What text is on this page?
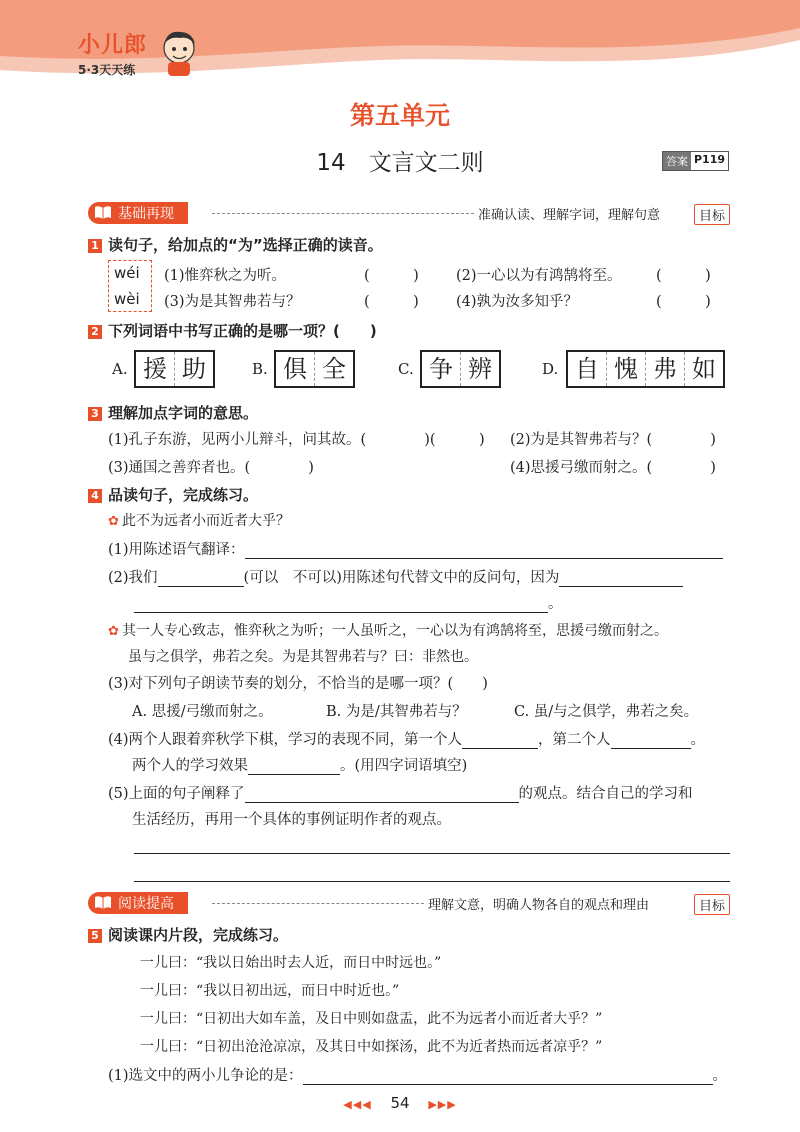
小儿郎
5·3天天练
第五单元
14　文言文二则	答案 P119
基础再现	准确认读、理解字词，理解句意	目标
1 读句子，给加点的“为”选择正确的读音。
wéi
wèi
(1)惟弈秋之为听。	(　　　)	(2)一心以为有鸿鹄将至。 (　　　)
(3)为是其智弗若与？	(　　　)	(4)孰为汝多知乎？	(　　　)
2 下列词语中书写正确的是哪一项？(　　)
A. 援 助	B. 俱 全	C. 争 辨	D. 自 愧 弗 如
3 理解加点字词的意思。
(1)孔子东游，见两小儿辩斗，问其故。(　　　　)(　　　) (2)为是其智弗若与？(　　　　)
(3)通国之善弈者也。(　　　　)	(4)思援弓缴而射之。(　　　　)
4 品读句子，完成练习。
✿ 此不为远者小而近者大乎？
(1)用陈述语气翻译：
(2)我们	(可以　不可以)用陈述句代替文中的反问句，因为
。
✿ 其一人专心致志，惟弈秋之为听；一人虽听之，一心以为有鸿鹄将至，思援弓缴而射之。
虽与之俱学，弗若之矣。为是其智弗若与？曰：非然也。
(3)对下列句子朗读节奏的划分，不恰当的是哪一项？(　　)
A. 思援/弓缴而射之。	B. 为是/其智弗若与？	C. 虽/与之俱学，弗若之矣。
(4)两个人跟着弈秋学下棋，学习的表现不同，第一个人	，第二个人	。
两个人的学习效果	。(用四字词语填空)
(5)上面的句子阐释了	的观点。结合自己的学习和
生活经历，再用一个具体的事例证明作者的观点。
阅读提高	理解文意，明确人物各自的观点和理由	目标
5 阅读课内片段，完成练习。
一儿曰：“我以日始出时去人近，而日中时远也。”
一儿曰：“我以日初出远，而日中时近也。”
一儿曰：“日初出大如车盖，及日中则如盘盂，此不为远者小而近者大乎？”
一儿曰：“日初出沧沧凉凉，及其日中如探汤，此不为近者热而远者凉乎？”
(1)选文中的两小儿争论的是：	。
◀◀◀ 54 ▶▶▶
